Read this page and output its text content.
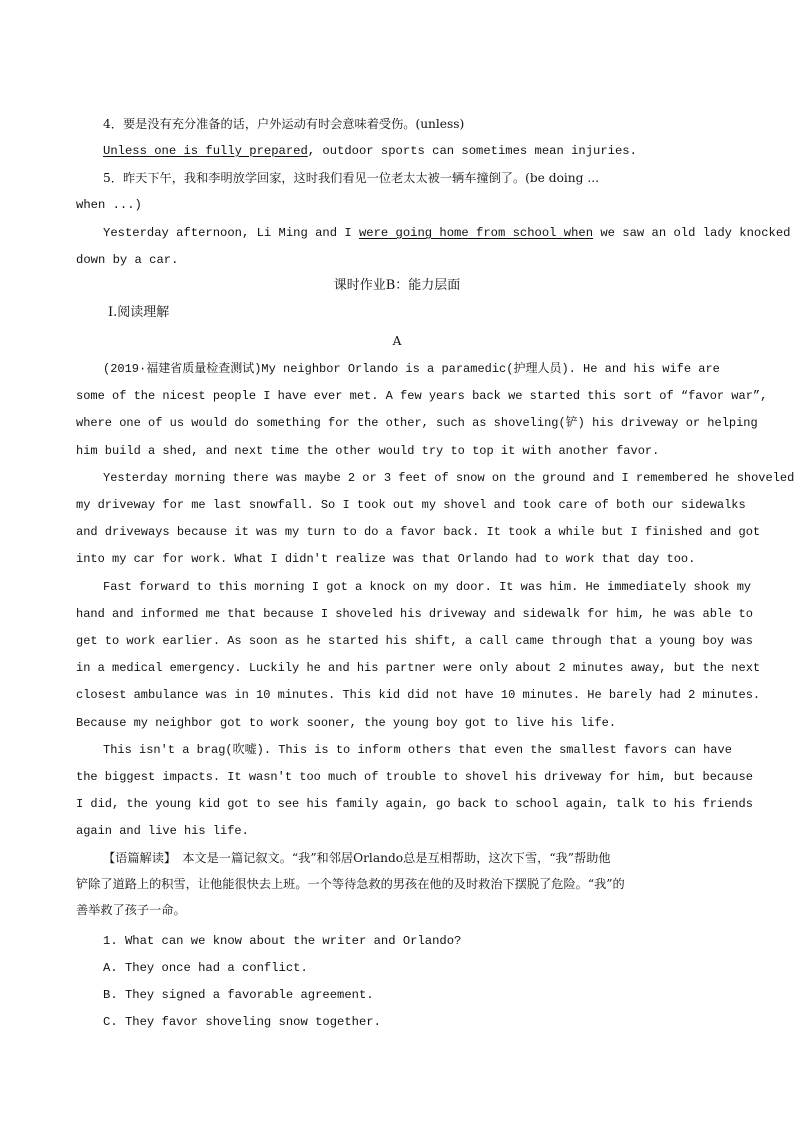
4．要是没有充分准备的话，户外运动有时会意味着受伤。(unless)
Unless one is fully prepared, outdoor sports can sometimes mean injuries.
5．昨天下午，我和李明放学回家，这时我们看见一位老太太被一辆车撞倒了。(be doing ...
when ...)
Yesterday afternoon, Li Ming and I were going home from school when we saw an old lady knocked
down by a car.
课时作业B：能力层面
Ⅰ.阅读理解
A
(2019·福建省质量检查测试)My neighbor Orlando is a paramedic(护理人员). He and his wife are
some of the nicest people I have ever met. A few years back we started this sort of “favor war”,
where one of us would do something for the other, such as shoveling(铲) his driveway or helping
him build a shed, and next time the other would try to top it with another favor.
Yesterday morning there was maybe 2 or 3 feet of snow on the ground and I remembered he shoveled
my driveway for me last snowfall. So I took out my shovel and took care of both our sidewalks
and driveways because it was my turn to do a favor back. It took a while but I finished and got
into my car for work. What I didn't realize was that Orlando had to work that day too.
Fast forward to this morning I got a knock on my door. It was him. He immediately shook my
hand and informed me that because I shoveled his driveway and sidewalk for him, he was able to
get to work earlier. As soon as he started his shift, a call came through that a young boy was
in a medical emergency. Luckily he and his partner were only about 2 minutes away, but the next
closest ambulance was in 10 minutes. This kid did not have 10 minutes. He barely had 2 minutes.
Because my neighbor got to work sooner, the young boy got to live his life.
This isn't a brag(吹嘘). This is to inform others that even the smallest favors can have
the biggest impacts. It wasn't too much of trouble to shovel his driveway for him, but because
I did, the young kid got to see his family again, go back to school again, talk to his friends
again and live his life.
【语篇解读】　本文是一篇记叙文。“我”和邻居Orlando总是互相帮助，这次下雪，“我”帮助他
铲除了道路上的积雪，让他能很快去上班。一个等待急救的男孩在他的及时救治下摆脱了危险。“我”的
善举救了孩子一命。
1. What can we know about the writer and Orlando?
A. They once had a conflict.
B. They signed a favorable agreement.
C. They favor shoveling snow together.
